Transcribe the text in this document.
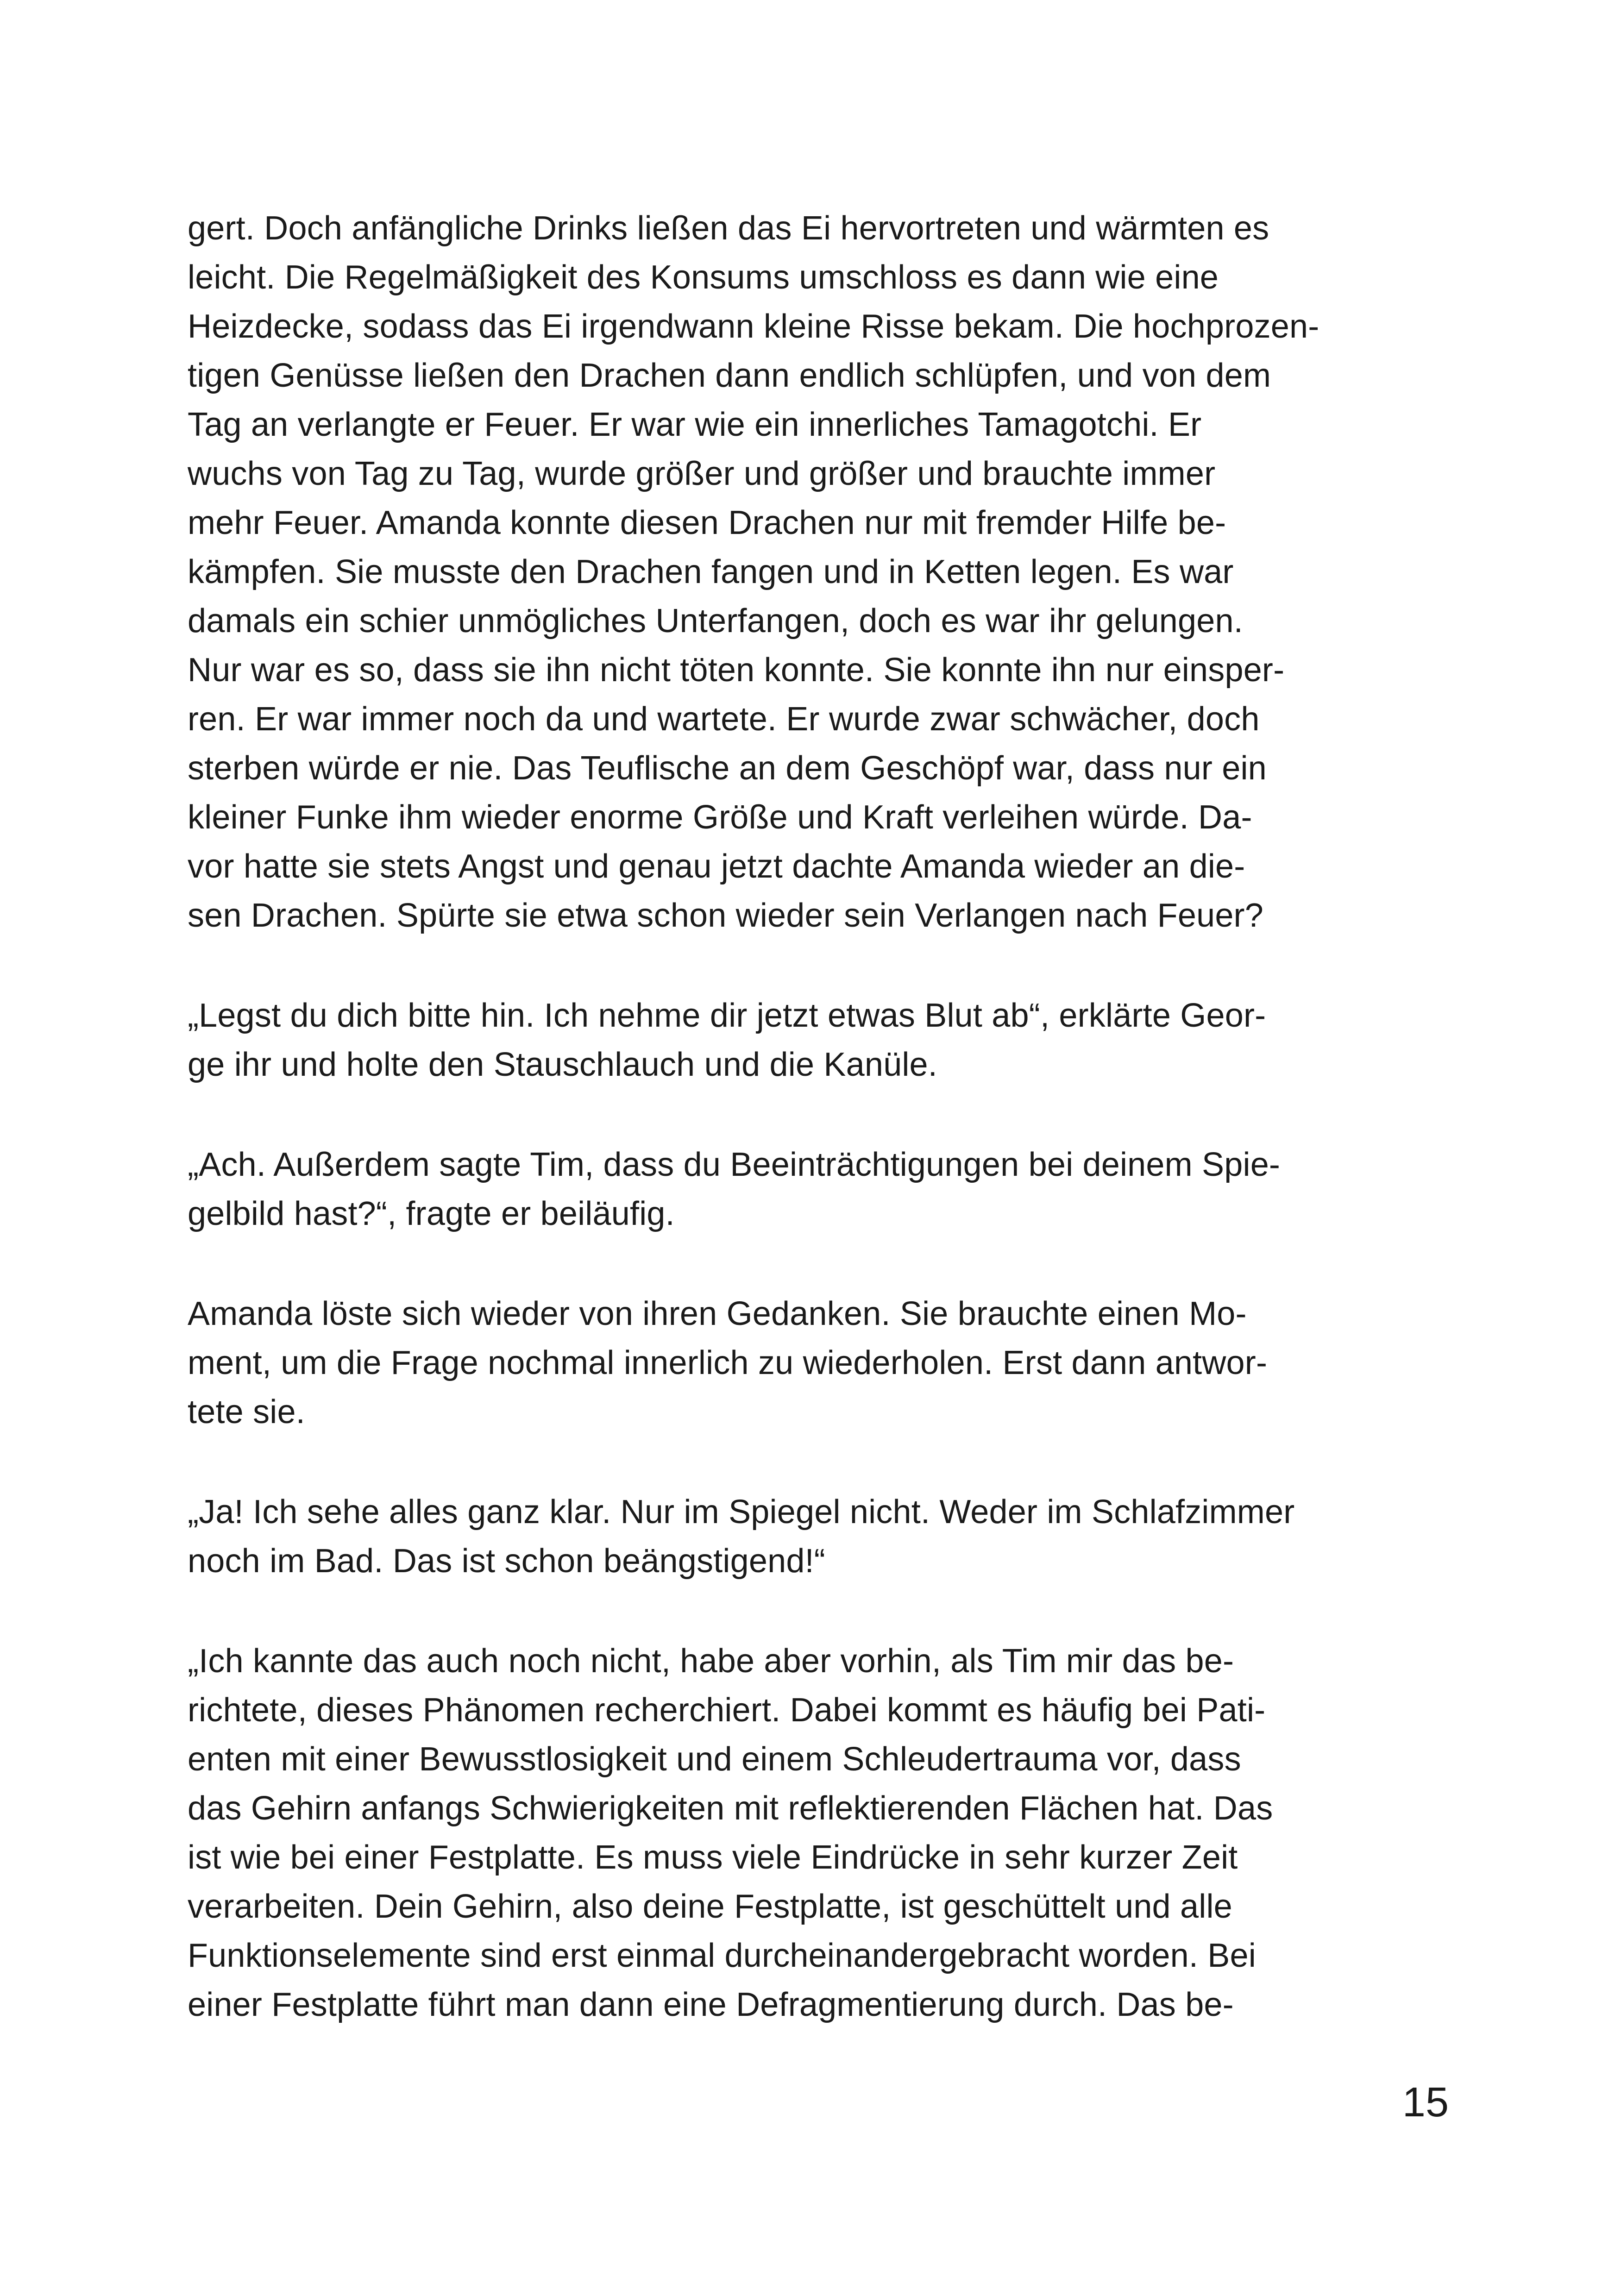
gert. Doch anfängliche Drinks ließen das Ei hervortreten und wärmten es
leicht. Die Regelmäßigkeit des Konsums umschloss es dann wie eine
Heizdecke, sodass das Ei irgendwann kleine Risse bekam. Die hochprozen-
tigen Genüsse ließen den Drachen dann endlich schlüpfen, und von dem
Tag an verlangte er Feuer. Er war wie ein innerliches Tamagotchi. Er
wuchs von Tag zu Tag, wurde größer und größer und brauchte immer
mehr Feuer. Amanda konnte diesen Drachen nur mit fremder Hilfe be-
kämpfen. Sie musste den Drachen fangen und in Ketten legen. Es war
damals ein schier unmögliches Unterfangen, doch es war ihr gelungen.
Nur war es so, dass sie ihn nicht töten konnte. Sie konnte ihn nur einsper-
ren. Er war immer noch da und wartete. Er wurde zwar schwächer, doch
sterben würde er nie. Das Teuflische an dem Geschöpf war, dass nur ein
kleiner Funke ihm wieder enorme Größe und Kraft verleihen würde. Da-
vor hatte sie stets Angst und genau jetzt dachte Amanda wieder an die-
sen Drachen. Spürte sie etwa schon wieder sein Verlangen nach Feuer?
„Legst du dich bitte hin. Ich nehme dir jetzt etwas Blut ab“, erklärte Geor-
ge ihr und holte den Stauschlauch und die Kanüle.
„Ach. Außerdem sagte Tim, dass du Beeinträchtigungen bei deinem Spie-
gelbild hast?“, fragte er beiläufig.
Amanda löste sich wieder von ihren Gedanken. Sie brauchte einen Mo-
ment, um die Frage nochmal innerlich zu wiederholen. Erst dann antwor-
tete sie.
„Ja! Ich sehe alles ganz klar. Nur im Spiegel nicht. Weder im Schlafzimmer
noch im Bad. Das ist schon beängstigend!“
„Ich kannte das auch noch nicht, habe aber vorhin, als Tim mir das be-
richtete, dieses Phänomen recherchiert. Dabei kommt es häufig bei Pati-
enten mit einer Bewusstlosigkeit und einem Schleudertrauma vor, dass
das Gehirn anfangs Schwierigkeiten mit reflektierenden Flächen hat. Das
ist wie bei einer Festplatte. Es muss viele Eindrücke in sehr kurzer Zeit
verarbeiten. Dein Gehirn, also deine Festplatte, ist geschüttelt und alle
Funktionselemente sind erst einmal durcheinandergebracht worden. Bei
einer Festplatte führt man dann eine Defragmentierung durch. Das be-
15
